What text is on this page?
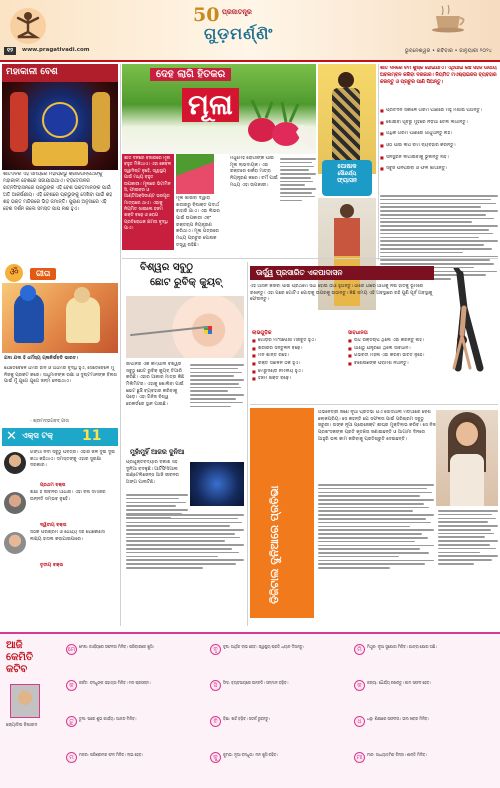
୧୨	www.pragativadi.com
50 ପ୍ରଜାତନ୍ତ୍ର
ଗୁଡ଼ମର୍ଣ୍ଣିଂ
ଭୁବନେଶ୍ୱର • ରବିବାର • ଜାନୁୟାରୀ ୨୦୨୪
ମହାକାଳୀ ବେଶ
ଶୀତଦିନର ଏହି ସମୟରେ ମହାପ୍ରଭୁ ଶ୍ରୀଜଗନ୍ନାଥଙ୍କୁ ମହାକାଳୀ ବେଶରେ ସଜାଯାଇଥାଏ। ବଡ଼ଦେଉଳର ରତ୍ନସିଂହାସନରେ ପ୍ରଭୁଙ୍କ ଏହି ବେଶ ଭକ୍ତମାନଙ୍କ ପାଇଁ ଅତି ଆକର୍ଷଣୀୟ। ଏହି ବେଶରେ ପ୍ରଭୁଙ୍କୁ ଦେଖିବା ପାଇଁ ଶହ ଶହ ଭକ୍ତ ମନ୍ଦିରରେ ଭିଡ଼ ଜମାନ୍ତି। ପୁରାଣ ଅନୁସାରେ ଏହି ବେଶ ଦର୍ଶନ କଲେ ସମସ୍ତ ପାପ ନାଶ ହୁଏ।
ଗୀତା
ॐ
ଯଦା ଯଦା ହି ଧର୍ମସ୍ୟ ଗ୍ଳାନିର୍ଭବତି ଭାରତ।
ଯେତେବେଳେ ଧର୍ମର ହାନି ଓ ଅଧର୍ମର ବୃଦ୍ଧି ହୁଏ, ସେତେବେଳେ ମୁଁ ନିଜକୁ ପ୍ରକଟ କରେ। ସାଧୁମାନଙ୍କ ରକ୍ଷା ଓ ଦୁଷ୍ଟମାନଙ୍କ ବିନାଶ ପାଇଁ ମୁଁ ଯୁଗେ ଯୁଗେ ଜନ୍ମ ନେଇଥାଏ।
- ଶ୍ରୀମଦ୍ଭଗବଦ୍ ଗୀତା
✕ ଏକ୍ସ ଟକ୍ 11
ଗଙ୍ଗା ନଦୀ ସବୁଠୁ ପବିତ୍ର। ଏହାର ଜଳ ଦୁଇ ଦୁଇ କଥା କହିଥାଏ। ସମସ୍ତଙ୍କୁ ଏହାର ସୁରକ୍ଷା ଦରକାର।
ପ୍ରଥମ ବକ୍ତା
ଶିକ୍ଷା ହିଁ ଜୀବନର ଆଧାର। ଏହା ବିନା ସମାଜର ଉନ୍ନତି ସମ୍ଭବ ନୁହେଁ।
ଦ୍ୱିତୀୟ ବକ୍ତା
ସଠିକ ପରିଶ୍ରମ ଓ ଧୈର୍ଯ୍ୟ ସହ ଯେକୌଣସି ଲକ୍ଷ୍ୟ ହାସଲ କରାଯାଇପାରେ।
ତୃତୀୟ ବକ୍ତା
ଦେହ ଲାଗି ହିତକର
ମୂଳା
ଶୀତ ଦିନରେ ବଜାରରେ ମୂଳା ବହୁତ ମିଳିଥାଏ। ଏହା କେବଳ ସ୍ୱାଦିଷ୍ଟ ନୁହେଁ, ସ୍ୱାସ୍ଥ୍ୟ ପାଇଁ ମଧ୍ୟ ବହୁତ ଉପକାରୀ। ମୂଳାରେ ଭିଟାମିନ ସି, ଫାଇବର ଓ ଆଣ୍ଟିଅକ୍ସିଡାଣ୍ଟ ଭରପୂର ମାତ୍ରାରେ ଥାଏ। ଏହାକୁ ନିୟମିତ ଖାଇଲେ ହଜମ ଶକ୍ତି ବଢ଼େ ଓ ରୋଗ ପ୍ରତିରୋଧକ କ୍ଷମତା ବୃଦ୍ଧି ପାଏ।
ମୂଳା ଖାଇବା ଦ୍ୱାରା ଶରୀରରୁ ବିଷାକ୍ତ ପଦାର୍ଥ ବାହାରି ଯାଏ। ଏହା ଲିଭର ପାଇଁ ଉପକାରୀ ଏବଂ ରକ୍ତଚାପ ନିୟନ୍ତ୍ରଣ କରିଥାଏ। ମୂଳା ପତ୍ରରେ ମଧ୍ୟ ପ୍ରଚୁର ପୋଷକ ତତ୍ତ୍ୱ ରହିଛି।
ମଧୁମେହ ରୋଗୀଙ୍କ ପାଇଁ ମୂଳା ଲାଭଦାୟକ। ଏହା ରକ୍ତରେ ଶର୍କରା ମାତ୍ରା ନିୟନ୍ତ୍ରଣ କରେ। ଚର୍ମ ପାଇଁ ମଧ୍ୟ ଏହା ଉପକାରୀ।
ପୋଷାକ
ସୌନ୍ଦର୍ଯ୍ୟ
ଫ୍ୟାସନ
ଶୀତ ଦିନରେ ଚର୍ମ ଶୁଷ୍କ ହୋଇଯାଏ। ଏଥିପାଇଁ କିଛି ସହଜ ଉପାୟ ଅବଲମ୍ବନ କରିବା ଦରକାର। ନିୟମିତ ମଏଶ୍ଚରାଇଜର ବ୍ୟବହାର କରନ୍ତୁ ଓ ପ୍ରଚୁର ପାଣି ପିଅନ୍ତୁ।
■ ପ୍ରତିଦିନ ସକାଳେ ଗରମ ପାଣିରେ ମହୁ ମିଶାଇ ପିଅନ୍ତୁ।
■ ଶୋଇବା ପୂର୍ବରୁ ମୁହଁରେ ନଡ଼ିଆ ତେଲ ଲଗାନ୍ତୁ।
■ ଅଧିକ ଗରମ ପାଣିରେ ଗାଧୁଅନ୍ତୁ ନାହିଁ।
■ ଓଠ ପାଇଁ ଲିପ ବାମ ବ୍ୟବହାର କରନ୍ତୁ।
■ ସନସ୍କ୍ରିନ ଲଗାଇବାକୁ ଭୁଲନ୍ତୁ ନାହିଁ।
■ ସବୁଜ ପନିପରିବା ଓ ଫଳ ଖାଆନ୍ତୁ।
ବିଶ୍ୱର ସବୁଠୁ
ଛୋଟ ରୁବିକ୍ କ୍ୟୁବ୍
ଜାପାନର ଏକ କମ୍ପାନୀ ବିଶ୍ୱର ସବୁଠୁ ଛୋଟ ରୁବିକ୍ କ୍ୟୁବ୍ ତିଆରି କରିଛି। ଏହାର ଆକାର ମାତ୍ର କିଛି ମିଲିମିଟର। ଏହାକୁ ଖୋଲିବା ପାଇଁ ଛୋଟ ଛୁଞ୍ଚି ବ୍ୟବହାର କରିବାକୁ ପଡ଼େ। ଏହା ଗିନିଜ ବିଶ୍ୱ ରେକର୍ଡରେ ସ୍ଥାନ ପାଇଛି।
ମୁହାଁମୁହିଁ ଆଜର ଦୁନିଆ
ପ୍ରଯୁକ୍ତିବିଦ୍ୟାର ବିକାଶ ସହ ଦୁନିଆ ବଦଳୁଛି। ଆର୍ଟିଫିସିଆଲ ଇଣ୍ଟେଲିଜେନ୍ସ ଆଜି ଜୀବନର ଅଙ୍ଗ ପାଲଟିଛି।
ଊର୍ଦ୍ଧ୍ୱ ପ୍ରସାରିତ ଏକପାଦାସନ
ଏହି ଆସନ କରିବା ପାଇଁ ପ୍ରଥମେ ସିଧା ହୋଇ ଠିଆ ହୁଅନ୍ତୁ। ଧୀରେ ଧୀରେ ଆଗକୁ ନଇଁ ହାତକୁ ଭୂମିରେ ରଖନ୍ତୁ। ଏହା ପରେ ଗୋଟିଏ ଗୋଡ଼କୁ ଉପରକୁ ଉଠାନ୍ତୁ। କିଛି ସମୟ ଏହି ଅବସ୍ଥାରେ ରହି ପୁଣି ପୂର୍ବ ଅବସ୍ଥାକୁ ଫେରନ୍ତୁ।
ଲାଭଗୁଡ଼ିକ
■ ଗୋଡ଼ର ମାଂସପେଶୀ ମଜବୁତ ହୁଏ।
■ ଶରୀରର ସନ୍ତୁଳନ ବଢ଼େ।
■ ମନ ଶାନ୍ତ ରହେ।
■ ରକ୍ତ ସଞ୍ଚାଳନ ଠିକ ହୁଏ।
■ ମେରୁଦଣ୍ଡ ନମନୀୟ ହୁଏ।
■ ହଜମ ଶକ୍ତି ବଢ଼େ।
ସାବଧାନତା
■ ଉଚ୍ଚ ରକ୍ତଚାପ ଥିଲେ ଏହା କରନ୍ତୁ ନାହିଁ।
■ ଆଣ୍ଠୁ ଯନ୍ତ୍ରଣା ଥିଲେ ସାବଧାନ।
■ ଗର୍ଭବତୀ ମହିଳା ଏହା କରିବା ଉଚିତ ନୁହେଁ।
■ ବିଶେଷଜ୍ଞଙ୍କ ପରାମର୍ଶ ନିଅନ୍ତୁ।
ଡିଜିଟାଲ ଦୁନିଆରେ ପ୍ରତିଭା
ଅଭିନେତ୍ରୀ ଜଣେ ନୂଆ ପ୍ରତିଭା ଯିଏ ସୋସିଆଲ ମିଡିଆରେ ବେଶ ଲୋକପ୍ରିୟ। ସେ କହନ୍ତି ଯେ ସଫଳତା ପାଇଁ ପରିଶ୍ରମ ସବୁଠୁ ଜରୁରୀ। ତାଙ୍କ ନୂଆ ପ୍ରୋଜେକ୍ଟ ଶୀଘ୍ର ମୁକ୍ତିଲାଭ କରିବ। ସେ ନିଜ ପ୍ରଶଂସକଙ୍କ ପ୍ରତି କୃତଜ୍ଞତା ଜଣାଇଛନ୍ତି ଓ ଆଗାମୀ ଦିନରେ ଆହୁରି ଭଲ କାମ କରିବାକୁ ପ୍ରତିଶ୍ରୁତି ଦେଇଛନ୍ତି।
ଆଜି
କେମିତି
କଟିବ
ଜ୍ୟୋତିଷ ବିଶାରଦ
ମେ ମେଷ: କାର୍ଯ୍ୟରେ ସଫଳତା ମିଳିବ। ପରିବାରରେ ଖୁସି।	ବୃ	ବୃଷ: ଆର୍ଥିକ ଲାଭ ହେବ। ସ୍ୱାସ୍ଥ୍ୟ ପ୍ରତି ଧ୍ୟାନ ଦିଅନ୍ତୁ।	ମି	ମିଥୁନ: ନୂଆ ସୁଯୋଗ ମିଳିବ। ଯାତ୍ରା ଯୋଗ ଅଛି।
କ	କର୍କଟ: ବନ୍ଧୁଙ୍କ ସହାୟତା ମିଳିବ। ମନ ପ୍ରସନ୍ନ।	ସି	ସିଂହ: ବ୍ୟବସାୟରେ ଉନ୍ନତି। ସମ୍ମାନ ବଢ଼ିବ।	କ	କନ୍ୟା: ଧୈର୍ଯ୍ୟ ରଖନ୍ତୁ। କାମ ସଫଳ ହେବ।
ତୁ	ତୁଳା: ଘରେ ଶୁଭ କାର୍ଯ୍ୟ। ଆନନ୍ଦ ମିଳିବ।	ବି	ବିଛା: ଖର୍ଚ୍ଚ ବଢ଼ିବ। ସତର୍କ ରୁହନ୍ତୁ।	ଧ	ଧନୁ: ଶିକ୍ଷାରେ ସଫଳତା। ଭଲ ଖବର ମିଳିବ।
ମ	ମକର: ପରିଶ୍ରମର ଫଳ ମିଳିବ। ଲାଭ ହେବ।	କୁ	କୁମ୍ଭ: ନୂଆ ବନ୍ଧୁତା। ମନ ଖୁସି ରହିବ।	ମୀ	ମୀନ: ଆଧ୍ୟାତ୍ମିକ ଚିନ୍ତା। ଶାନ୍ତି ମିଳିବ।
